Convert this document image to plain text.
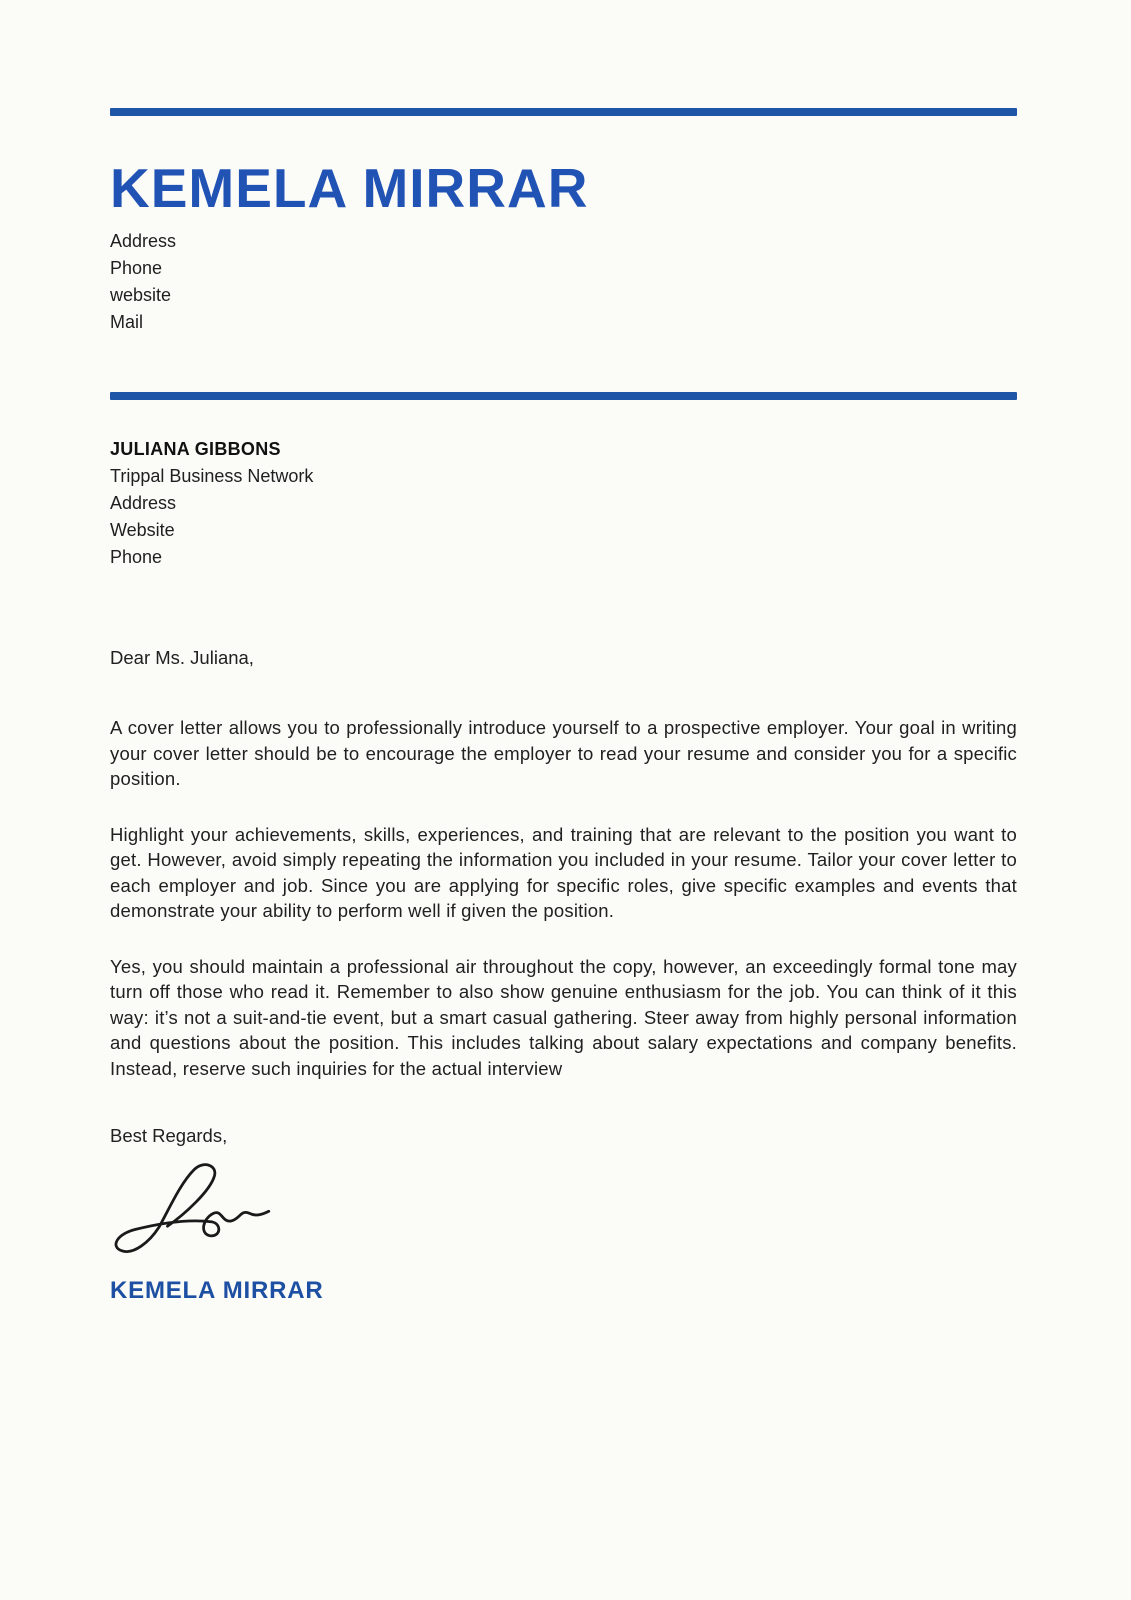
KEMELA MIRRAR
Address
Phone
website
Mail
JULIANA GIBBONS
Trippal Business Network
Address
Website
Phone
Dear Ms. Juliana,

A cover letter allows you to professionally introduce yourself to a prospective employer. Your goal in writing your cover letter should be to encourage the employer to read your resume and consider you for a specific position.

Highlight your achievements, skills, experiences, and training that are relevant to the position you want to get. However, avoid simply repeating the information you included in your resume. Tailor your cover letter to each employer and job. Since you are applying for specific roles, give specific examples and events that demonstrate your ability to perform well if given the position.

Yes, you should maintain a professional air throughout the copy, however, an exceedingly formal tone may turn off those who read it. Remember to also show genuine enthusiasm for the job. You can think of it this way: it’s not a suit-and-tie event, but a smart casual gathering. Steer away from highly personal information and questions about the position. This includes talking about salary expectations and company benefits. Instead, reserve such inquiries for the actual interview

Best Regards,
KEMELA MIRRAR
